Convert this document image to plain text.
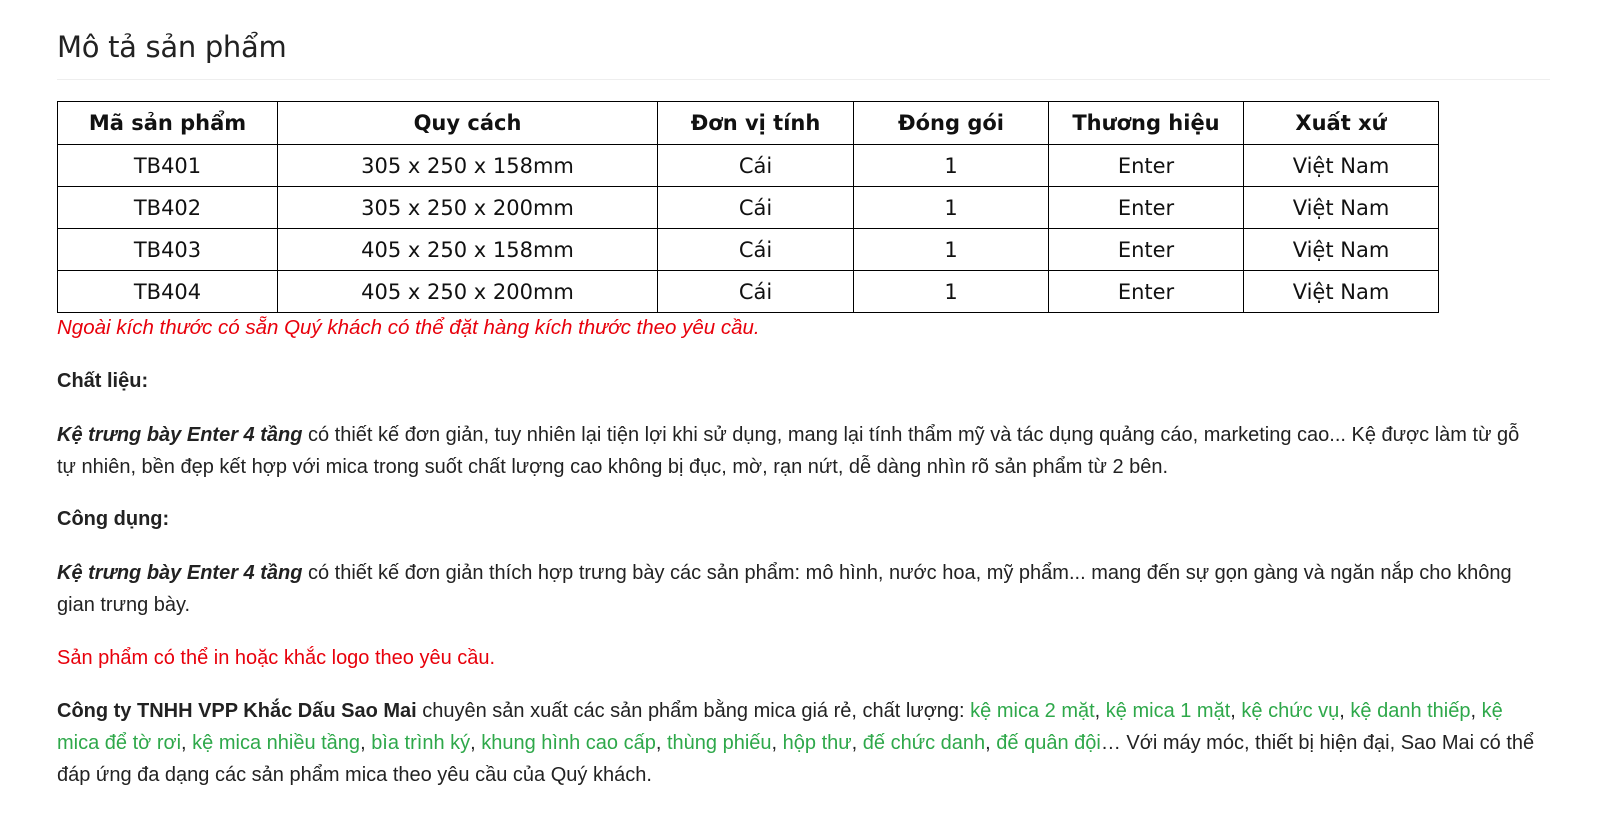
Mô tả sản phẩm
Mã sản phẩm	Quy cách	Đơn vị tính	Đóng gói	Thương hiệu	Xuất xứ
TB401	305 x 250 x 158mm	Cái	1	Enter	Việt Nam
TB402	305 x 250 x 200mm	Cái	1	Enter	Việt Nam
TB403	405 x 250 x 158mm	Cái	1	Enter	Việt Nam
TB404	405 x 250 x 200mm	Cái	1	Enter	Việt Nam

Ngoài kích thước có sẵn Quý khách có thể đặt hàng kích thước theo yêu cầu.

Chất liệu:

Kệ trưng bày Enter 4 tầng có thiết kế đơn giản, tuy nhiên lại tiện lợi khi sử dụng, mang lại tính thẩm mỹ và tác dụng quảng cáo, marketing cao... Kệ được làm từ gỗ tự nhiên, bền đẹp kết hợp với mica trong suốt chất lượng cao không bị đục, mờ, rạn nứt, dễ dàng nhìn rõ sản phẩm từ 2 bên.

Công dụng:

Kệ trưng bày Enter 4 tầng có thiết kế đơn giản thích hợp trưng bày các sản phẩm: mô hình, nước hoa, mỹ phẩm... mang đến sự gọn gàng và ngăn nắp cho không gian trưng bày.

Sản phẩm có thể in hoặc khắc logo theo yêu cầu.

Công ty TNHH VPP Khắc Dấu Sao Mai chuyên sản xuất các sản phẩm bằng mica giá rẻ, chất lượng: kệ mica 2 mặt, kệ mica 1 mặt, kệ chức vụ, kệ danh thiếp, kệ mica để tờ rơi, kệ mica nhiều tầng, bìa trình ký, khung hình cao cấp, thùng phiếu, hộp thư, đế chức danh, đế quân đội… Với máy móc, thiết bị hiện đại, Sao Mai có thể đáp ứng đa dạng các sản phẩm mica theo yêu cầu của Quý khách.
